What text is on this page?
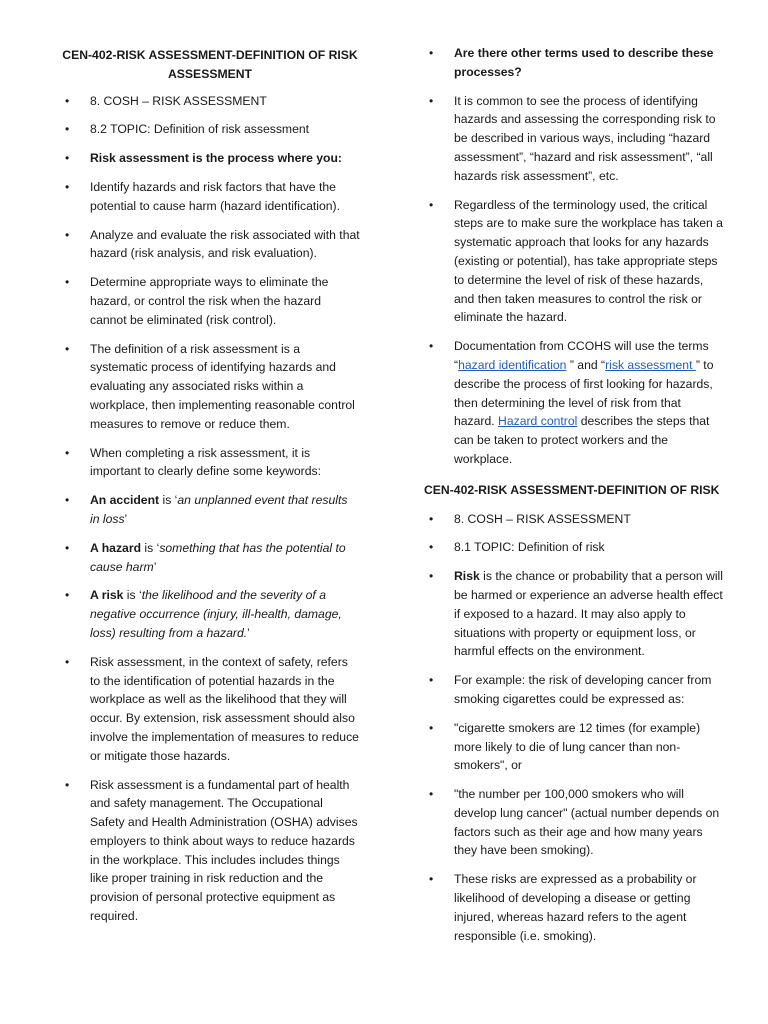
CEN-402-RISK ASSESSMENT-DEFINITION OF RISK ASSESSMENT
• 8. COSH – RISK ASSESSMENT
• 8.2 TOPIC: Definition of risk assessment
• Risk assessment is the process where you:
• Identify hazards and risk factors that have the potential to cause harm (hazard identification).
• Analyze and evaluate the risk associated with that hazard (risk analysis, and risk evaluation).
• Determine appropriate ways to eliminate the hazard, or control the risk when the hazard cannot be eliminated (risk control).
• The definition of a risk assessment is a systematic process of identifying hazards and evaluating any associated risks within a workplace, then implementing reasonable control measures to remove or reduce them.
• When completing a risk assessment, it is important to clearly define some keywords:
• An accident is ‘an unplanned event that results in loss’
• A hazard is ‘something that has the potential to cause harm’
• A risk is ‘the likelihood and the severity of a negative occurrence (injury, ill-health, damage, loss) resulting from a hazard.’
• Risk assessment, in the context of safety, refers to the identification of potential hazards in the workplace as well as the likelihood that they will occur. By extension, risk assessment should also involve the implementation of measures to reduce or mitigate those hazards.
• Risk assessment is a fundamental part of health and safety management. The Occupational Safety and Health Administration (OSHA) advises employers to think about ways to reduce hazards in the workplace. This includes includes things like proper training in risk reduction and the provision of personal protective equipment as required.
• Are there other terms used to describe these processes?
• It is common to see the process of identifying hazards and assessing the corresponding risk to be described in various ways, including “hazard assessment”, “hazard and risk assessment”, “all hazards risk assessment”, etc.
• Regardless of the terminology used, the critical steps are to make sure the workplace has taken a systematic approach that looks for any hazards (existing or potential), has take appropriate steps to determine the level of risk of these hazards, and then taken measures to control the risk or eliminate the hazard.
• Documentation from CCOHS will use the terms “hazard identification ” and “risk assessment ” to describe the process of first looking for hazards, then determining the level of risk from that hazard. Hazard control describes the steps that can be taken to protect workers and the workplace.
CEN-402-RISK ASSESSMENT-DEFINITION OF RISK
• 8. COSH – RISK ASSESSMENT
• 8.1 TOPIC: Definition of risk
• Risk is the chance or probability that a person will be harmed or experience an adverse health effect if exposed to a hazard. It may also apply to situations with property or equipment loss, or harmful effects on the environment.
• For example: the risk of developing cancer from smoking cigarettes could be expressed as:
• "cigarette smokers are 12 times (for example) more likely to die of lung cancer than non-smokers", or
• "the number per 100,000 smokers who will develop lung cancer" (actual number depends on factors such as their age and how many years they have been smoking).
• These risks are expressed as a probability or likelihood of developing a disease or getting injured, whereas hazard refers to the agent responsible (i.e. smoking).
